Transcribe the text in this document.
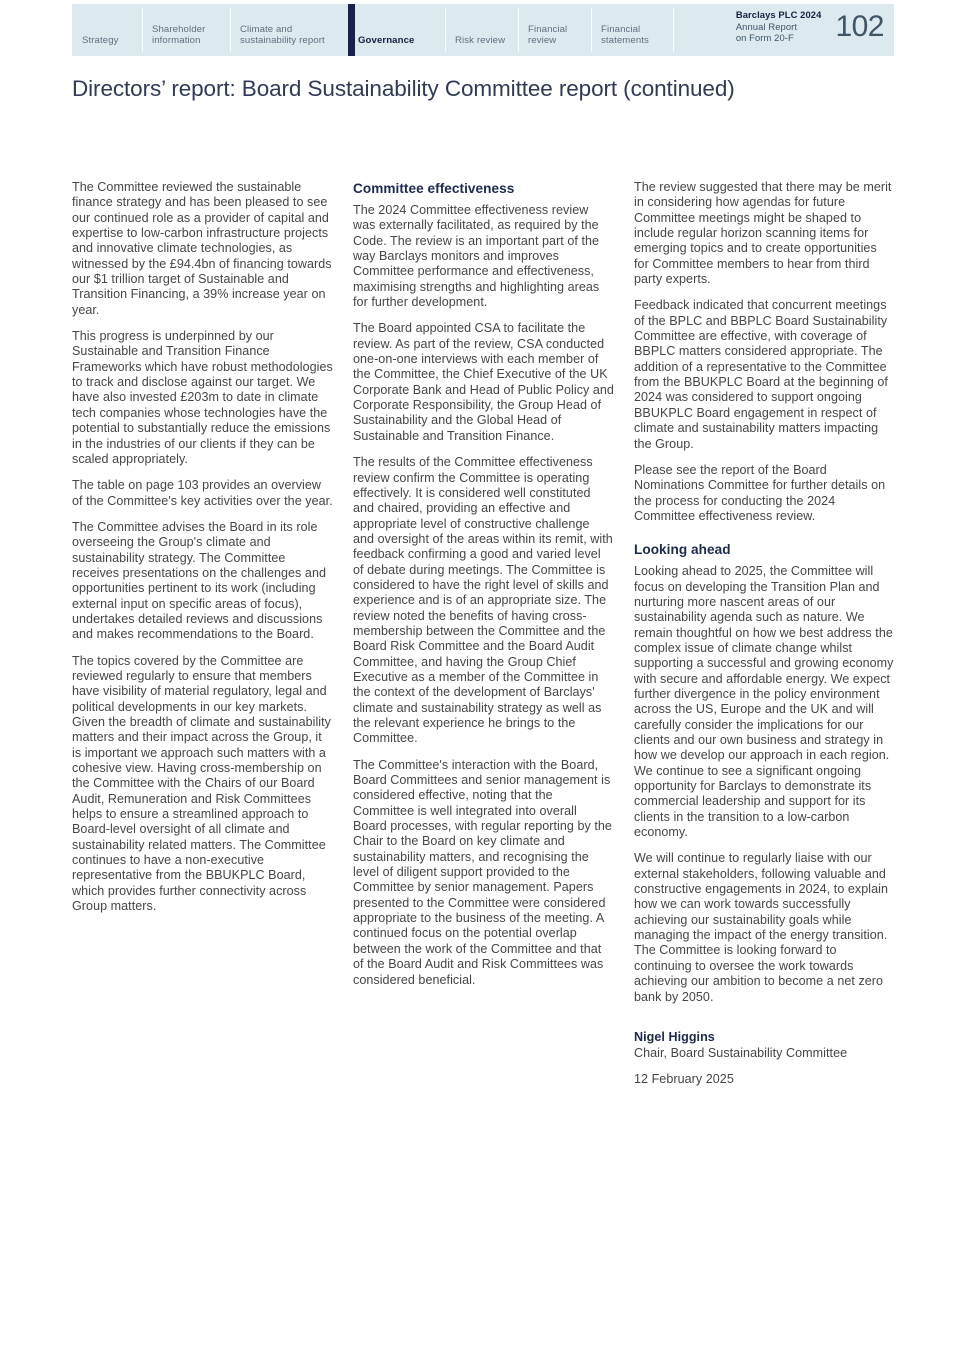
Strategy
Shareholder information
Climate and sustainability report	Governance	Risk review
Financial review
Financial statements
Barclays PLC 2024
Annual Report
on Form 20-F	102
Directors’ report: Board Sustainability Committee report (continued)

The Committee reviewed the sustainable finance strategy and has been pleased to see our continued role as a provider of capital and expertise to low-carbon infrastructure projects and innovative climate technologies, as witnessed by the £94.4bn of financing towards our $1 trillion target of Sustainable and Transition Financing, a 39% increase year on year.

This progress is underpinned by our Sustainable and Transition Finance Frameworks which have robust methodologies to track and disclose against our target. We have also invested £203m to date in climate tech companies whose technologies have the potential to substantially reduce the emissions in the industries of our clients if they can be scaled appropriately.

The table on page 103 provides an overview of the Committee's key activities over the year.

The Committee advises the Board in its role overseeing the Group's climate and sustainability strategy. The Committee receives presentations on the challenges and opportunities pertinent to its work (including external input on specific areas of focus), undertakes detailed reviews and discussions and makes recommendations to the Board.

The topics covered by the Committee are reviewed regularly to ensure that members have visibility of material regulatory, legal and political developments in our key markets. Given the breadth of climate and sustainability matters and their impact across the Group, it is important we approach such matters with a cohesive view. Having cross-membership on the Committee with the Chairs of our Board Audit, Remuneration and Risk Committees helps to ensure a streamlined approach to Board-level oversight of all climate and sustainability related matters. The Committee continues to have a non-executive representative from the BBUKPLC Board, which provides further connectivity across Group matters.

Committee effectiveness

The 2024 Committee effectiveness review was externally facilitated, as required by the Code. The review is an important part of the way Barclays monitors and improves Committee performance and effectiveness, maximising strengths and highlighting areas for further development.

The Board appointed CSA to facilitate the review. As part of the review, CSA conducted one-on-one interviews with each member of the Committee, the Chief Executive of the UK Corporate Bank and Head of Public Policy and Corporate Responsibility, the Group Head of Sustainability and the Global Head of Sustainable and Transition Finance.

The results of the Committee effectiveness review confirm the Committee is operating effectively. It is considered well constituted and chaired, providing an effective and appropriate level of constructive challenge and oversight of the areas within its remit, with feedback confirming a good and varied level of debate during meetings. The Committee is considered to have the right level of skills and experience and is of an appropriate size. The review noted the benefits of having cross-membership between the Committee and the Board Risk Committee and the Board Audit Committee, and having the Group Chief Executive as a member of the Committee in the context of the development of Barclays' climate and sustainability strategy as well as the relevant experience he brings to the Committee.

The Committee's interaction with the Board, Board Committees and senior management is considered effective, noting that the Committee is well integrated into overall Board processes, with regular reporting by the Chair to the Board on key climate and sustainability matters, and recognising the level of diligent support provided to the Committee by senior management. Papers presented to the Committee were considered appropriate to the business of the meeting. A continued focus on the potential overlap between the work of the Committee and that of the Board Audit and Risk Committees was considered beneficial.

The review suggested that there may be merit in considering how agendas for future Committee meetings might be shaped to include regular horizon scanning items for emerging topics and to create opportunities for Committee members to hear from third party experts.

Feedback indicated that concurrent meetings of the BPLC and BBPLC Board Sustainability Committee are effective, with coverage of BBPLC matters considered appropriate. The addition of a representative to the Committee from the BBUKPLC Board at the beginning of 2024 was considered to support ongoing BBUKPLC Board engagement in respect of climate and sustainability matters impacting the Group.

Please see the report of the Board Nominations Committee for further details on the process for conducting the 2024 Committee effectiveness review.

Looking ahead

Looking ahead to 2025, the Committee will focus on developing the Transition Plan and nurturing more nascent areas of our sustainability agenda such as nature. We remain thoughtful on how we best address the complex issue of climate change whilst supporting a successful and growing economy with secure and affordable energy. We expect further divergence in the policy environment across the US, Europe and the UK and will carefully consider the implications for our clients and our own business and strategy in how we develop our approach in each region. We continue to see a significant ongoing opportunity for Barclays to demonstrate its commercial leadership and support for its clients in the transition to a low-carbon economy.

We will continue to regularly liaise with our external stakeholders, following valuable and constructive engagements in 2024, to explain how we can work towards successfully achieving our sustainability goals while managing the impact of the energy transition. The Committee is looking forward to continuing to oversee the work towards achieving our ambition to become a net zero bank by 2050.

Nigel Higgins

Chair, Board Sustainability Committee

12 February 2025
